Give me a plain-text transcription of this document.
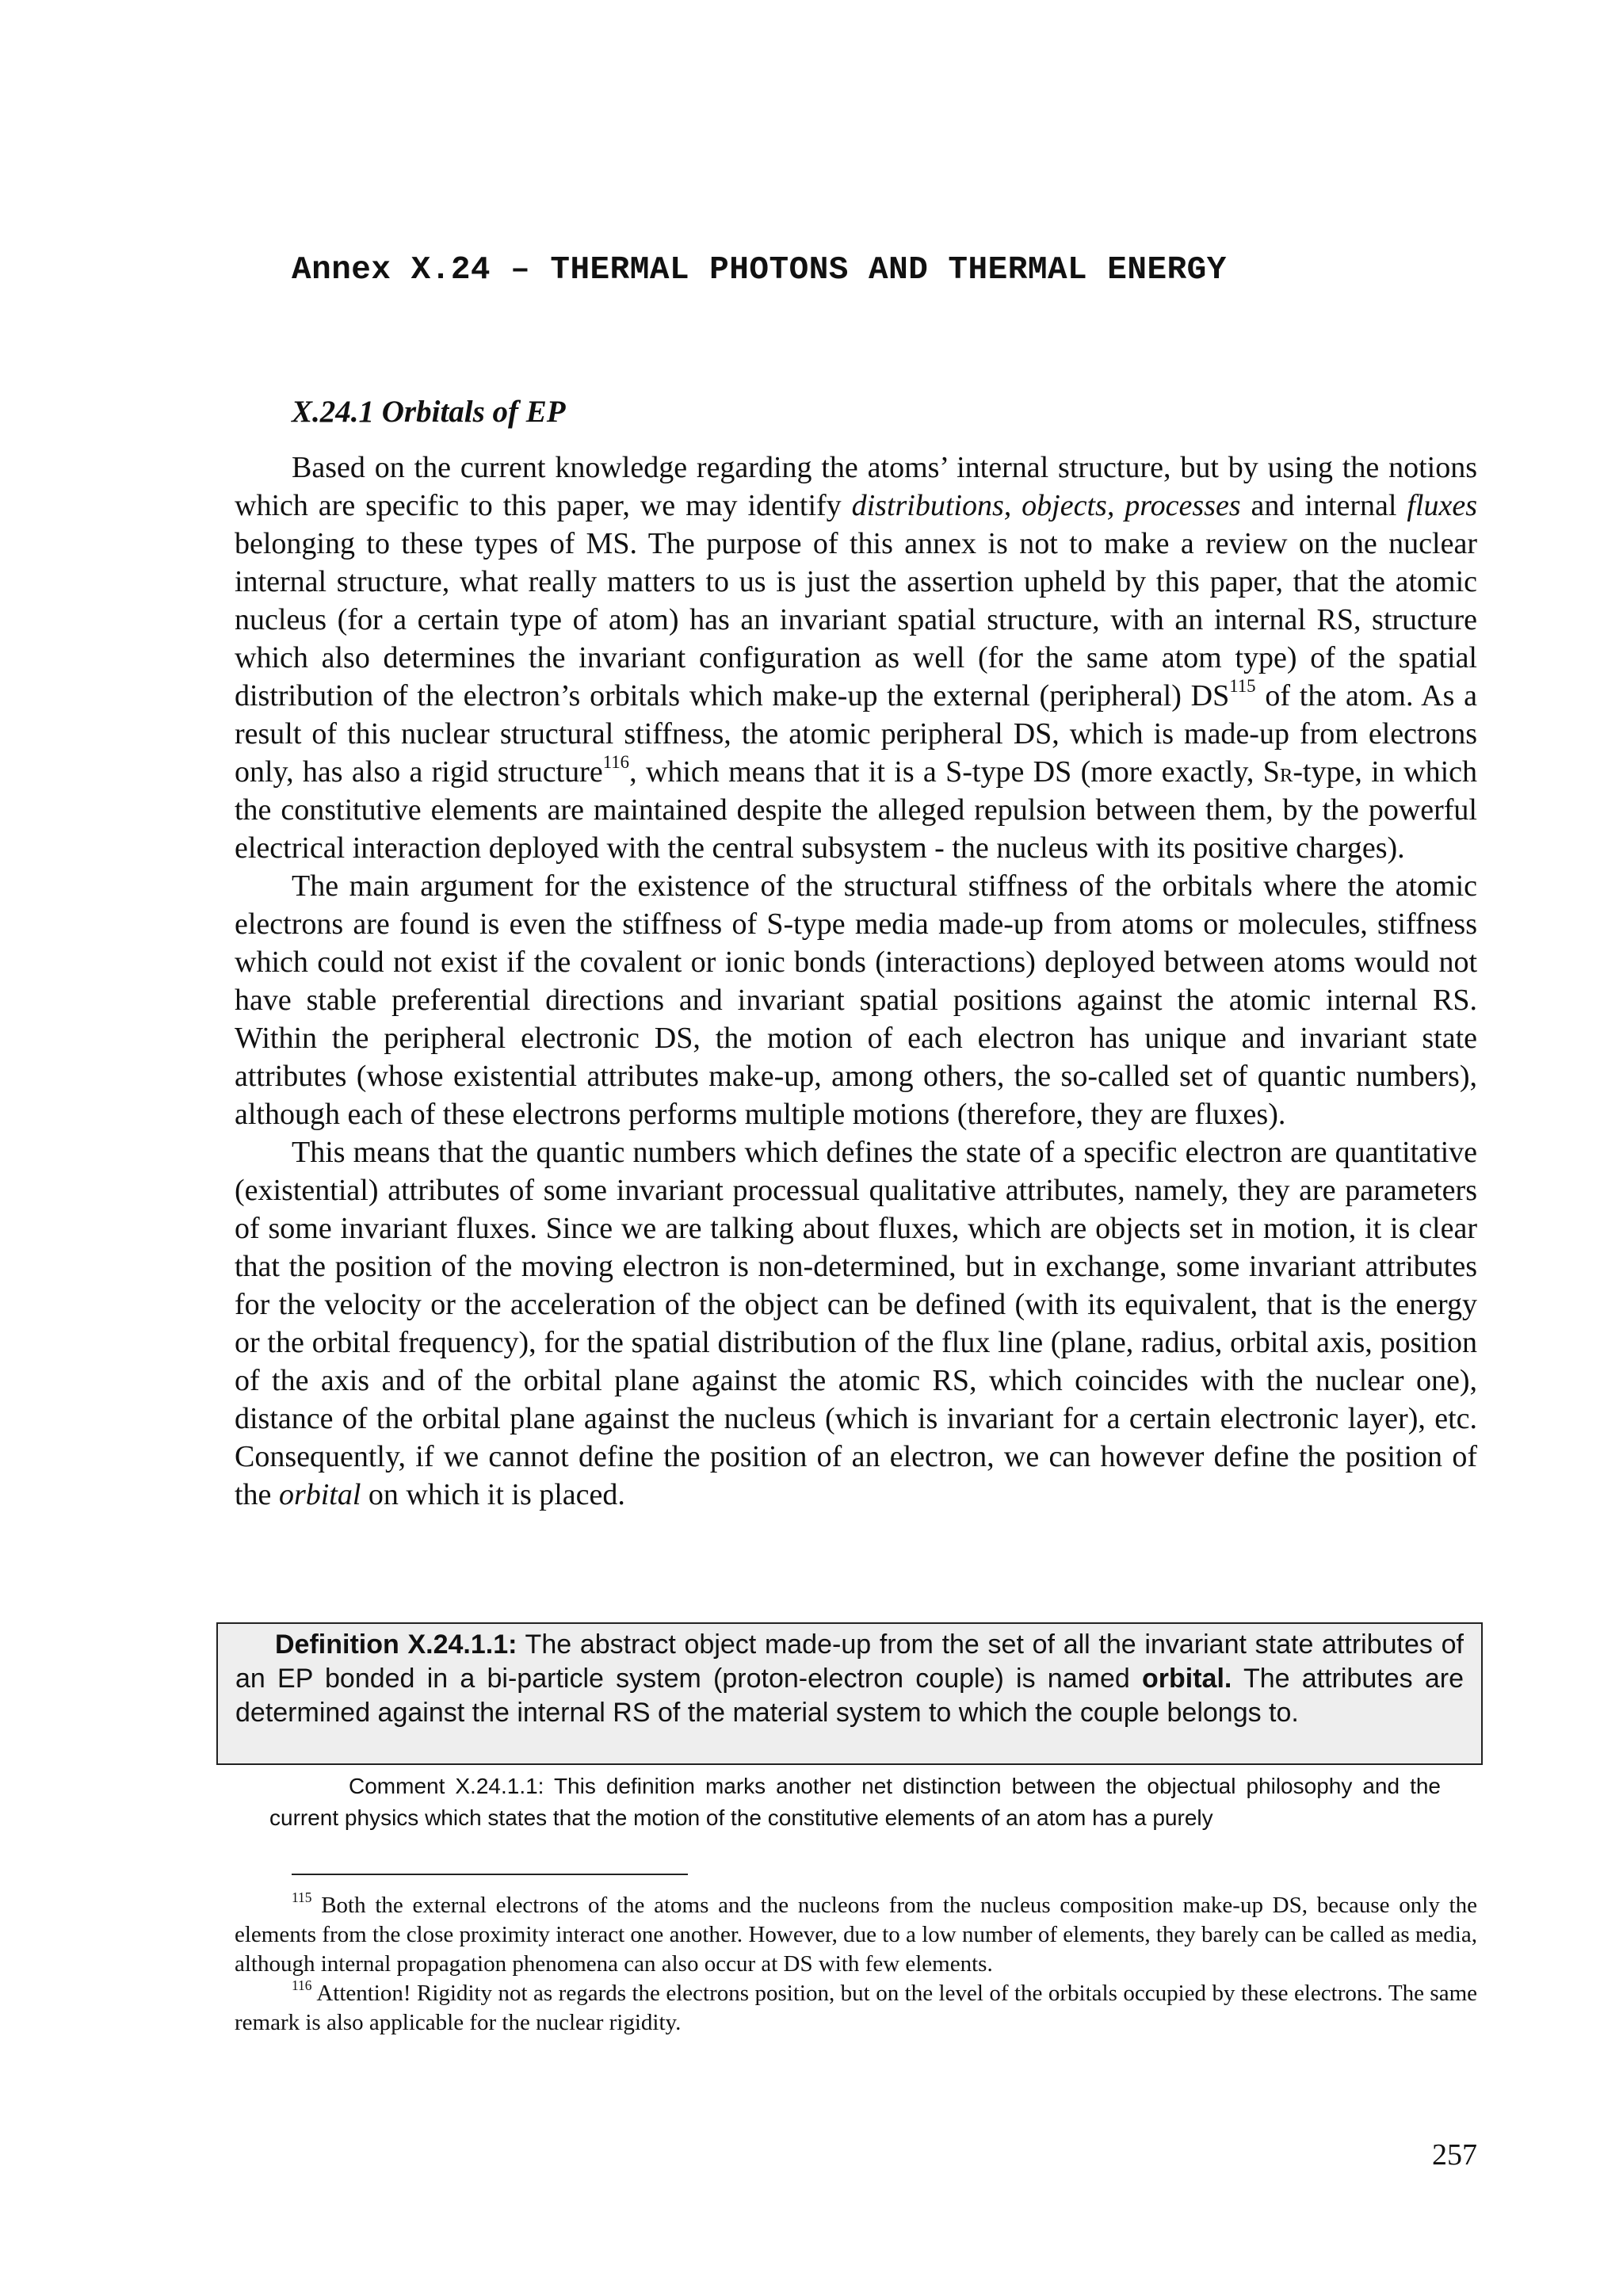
Annex X.24 – THERMAL PHOTONS AND THERMAL ENERGY
X.24.1 Orbitals of EP

Based on the current knowledge regarding the atoms’ internal structure, but by using the notions which are specific to this paper, we may identify distributions, objects, processes and internal fluxes belonging to these types of MS. The purpose of this annex is not to make a review on the nuclear internal structure, what really matters to us is just the assertion upheld by this paper, that the atomic nucleus (for a certain type of atom) has an invariant spatial structure, with an internal RS, structure which also determines the invariant configuration as well (for the same atom type) of the spatial distribution of the electron’s orbitals which make-up the external (peripheral) DS$^{115}$ of the atom. As a result of this nuclear structural stiffness, the atomic peripheral DS, which is made-up from electrons only, has also a rigid structure$^{116}$, which means that it is a S-type DS (more exactly, SR-type, in which the constitutive elements are maintained despite the alleged repulsion between them, by the powerful electrical interaction deployed with the central subsystem - the nucleus with its positive charges).

The main argument for the existence of the structural stiffness of the orbitals where the atomic electrons are found is even the stiffness of S-type media made-up from atoms or molecules, stiffness which could not exist if the covalent or ionic bonds (interactions) deployed between atoms would not have stable preferential directions and invariant spatial positions against the atomic internal RS. Within the peripheral electronic DS, the motion of each electron has unique and invariant state attributes (whose existential attributes make-up, among others, the so-called set of quantic numbers), although each of these electrons performs multiple motions (therefore, they are fluxes).

This means that the quantic numbers which defines the state of a specific electron are quantitative (existential) attributes of some invariant processual qualitative attributes, namely, they are parameters of some invariant fluxes. Since we are talking about fluxes, which are objects set in motion, it is clear that the position of the moving electron is non-determined, but in exchange, some invariant attributes for the velocity or the acceleration of the object can be defined (with its equivalent, that is the energy or the orbital frequency), for the spatial distribution of the flux line (plane, radius, orbital axis, position of the axis and of the orbital plane against the atomic RS, which coincides with the nuclear one), distance of the orbital plane against the nucleus (which is invariant for a certain electronic layer), etc. Consequently, if we cannot define the position of an electron, we can however define the position of the orbital on which it is placed.

Definition X.24.1.1: The abstract object made-up from the set of all the invariant state attributes of an EP bonded in a bi-particle system (proton-electron couple) is named orbital. The attributes are determined against the internal RS of the material system to which the couple belongs to.

Comment X.24.1.1: This definition marks another net distinction between the objectual philosophy and the current physics which states that the motion of the constitutive elements of an atom has a purely

$^{115}$ Both the external electrons of the atoms and the nucleons from the nucleus composition make-up DS, because only the elements from the close proximity interact one another. However, due to a low number of elements, they barely can be called as media, although internal propagation phenomena can also occur at DS with few elements.

$^{116}$ Attention! Rigidity not as regards the electrons position, but on the level of the orbitals occupied by these electrons. The same remark is also applicable for the nuclear rigidity.

257
